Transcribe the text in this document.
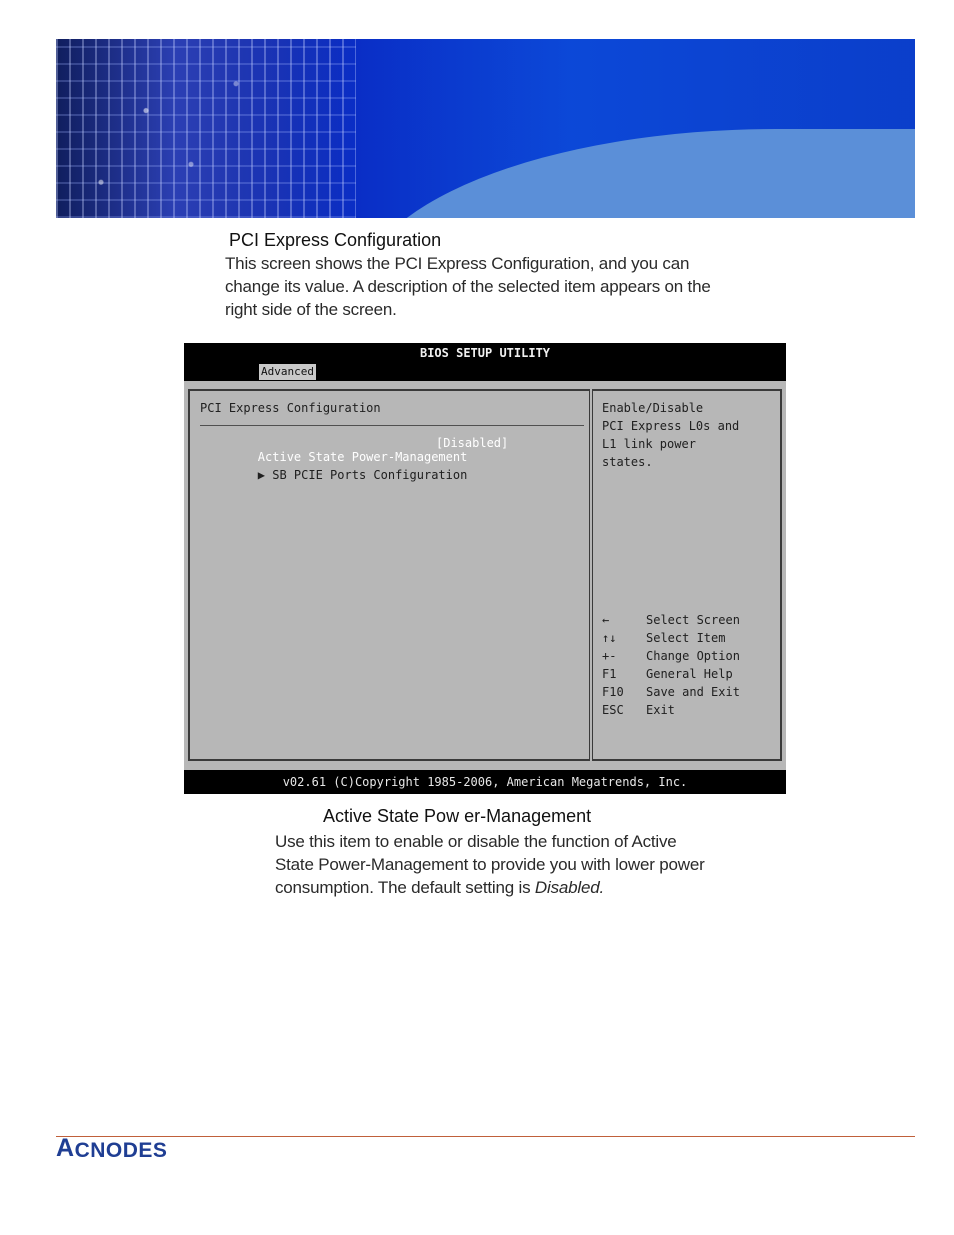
PCI Express Configuration

This screen shows the PCI Express Configuration, and you can

change its value. A description of the selected item appears on the

right side of the screen.

BIOS SETUP UTILITY
Advanced
PCI Express Configuration

Active State Power-Management

[Disabled]

▶ SB PCIE Ports Configuration

Enable/Disable
PCI Express L0s and
L1 link power
states.
←	Select Screen
↑↓ Select Item
+- Change Option
F1 General Help
F10 Save and Exit
ESC Exit
v02.61 (C)Copyright 1985-2006, American Megatrends, Inc.
Active State Pow er-Management

Use this item to enable or disable the function of Active

State Power-Management to provide you with lower power

consumption. The default setting is Disabled.

A C NODES
